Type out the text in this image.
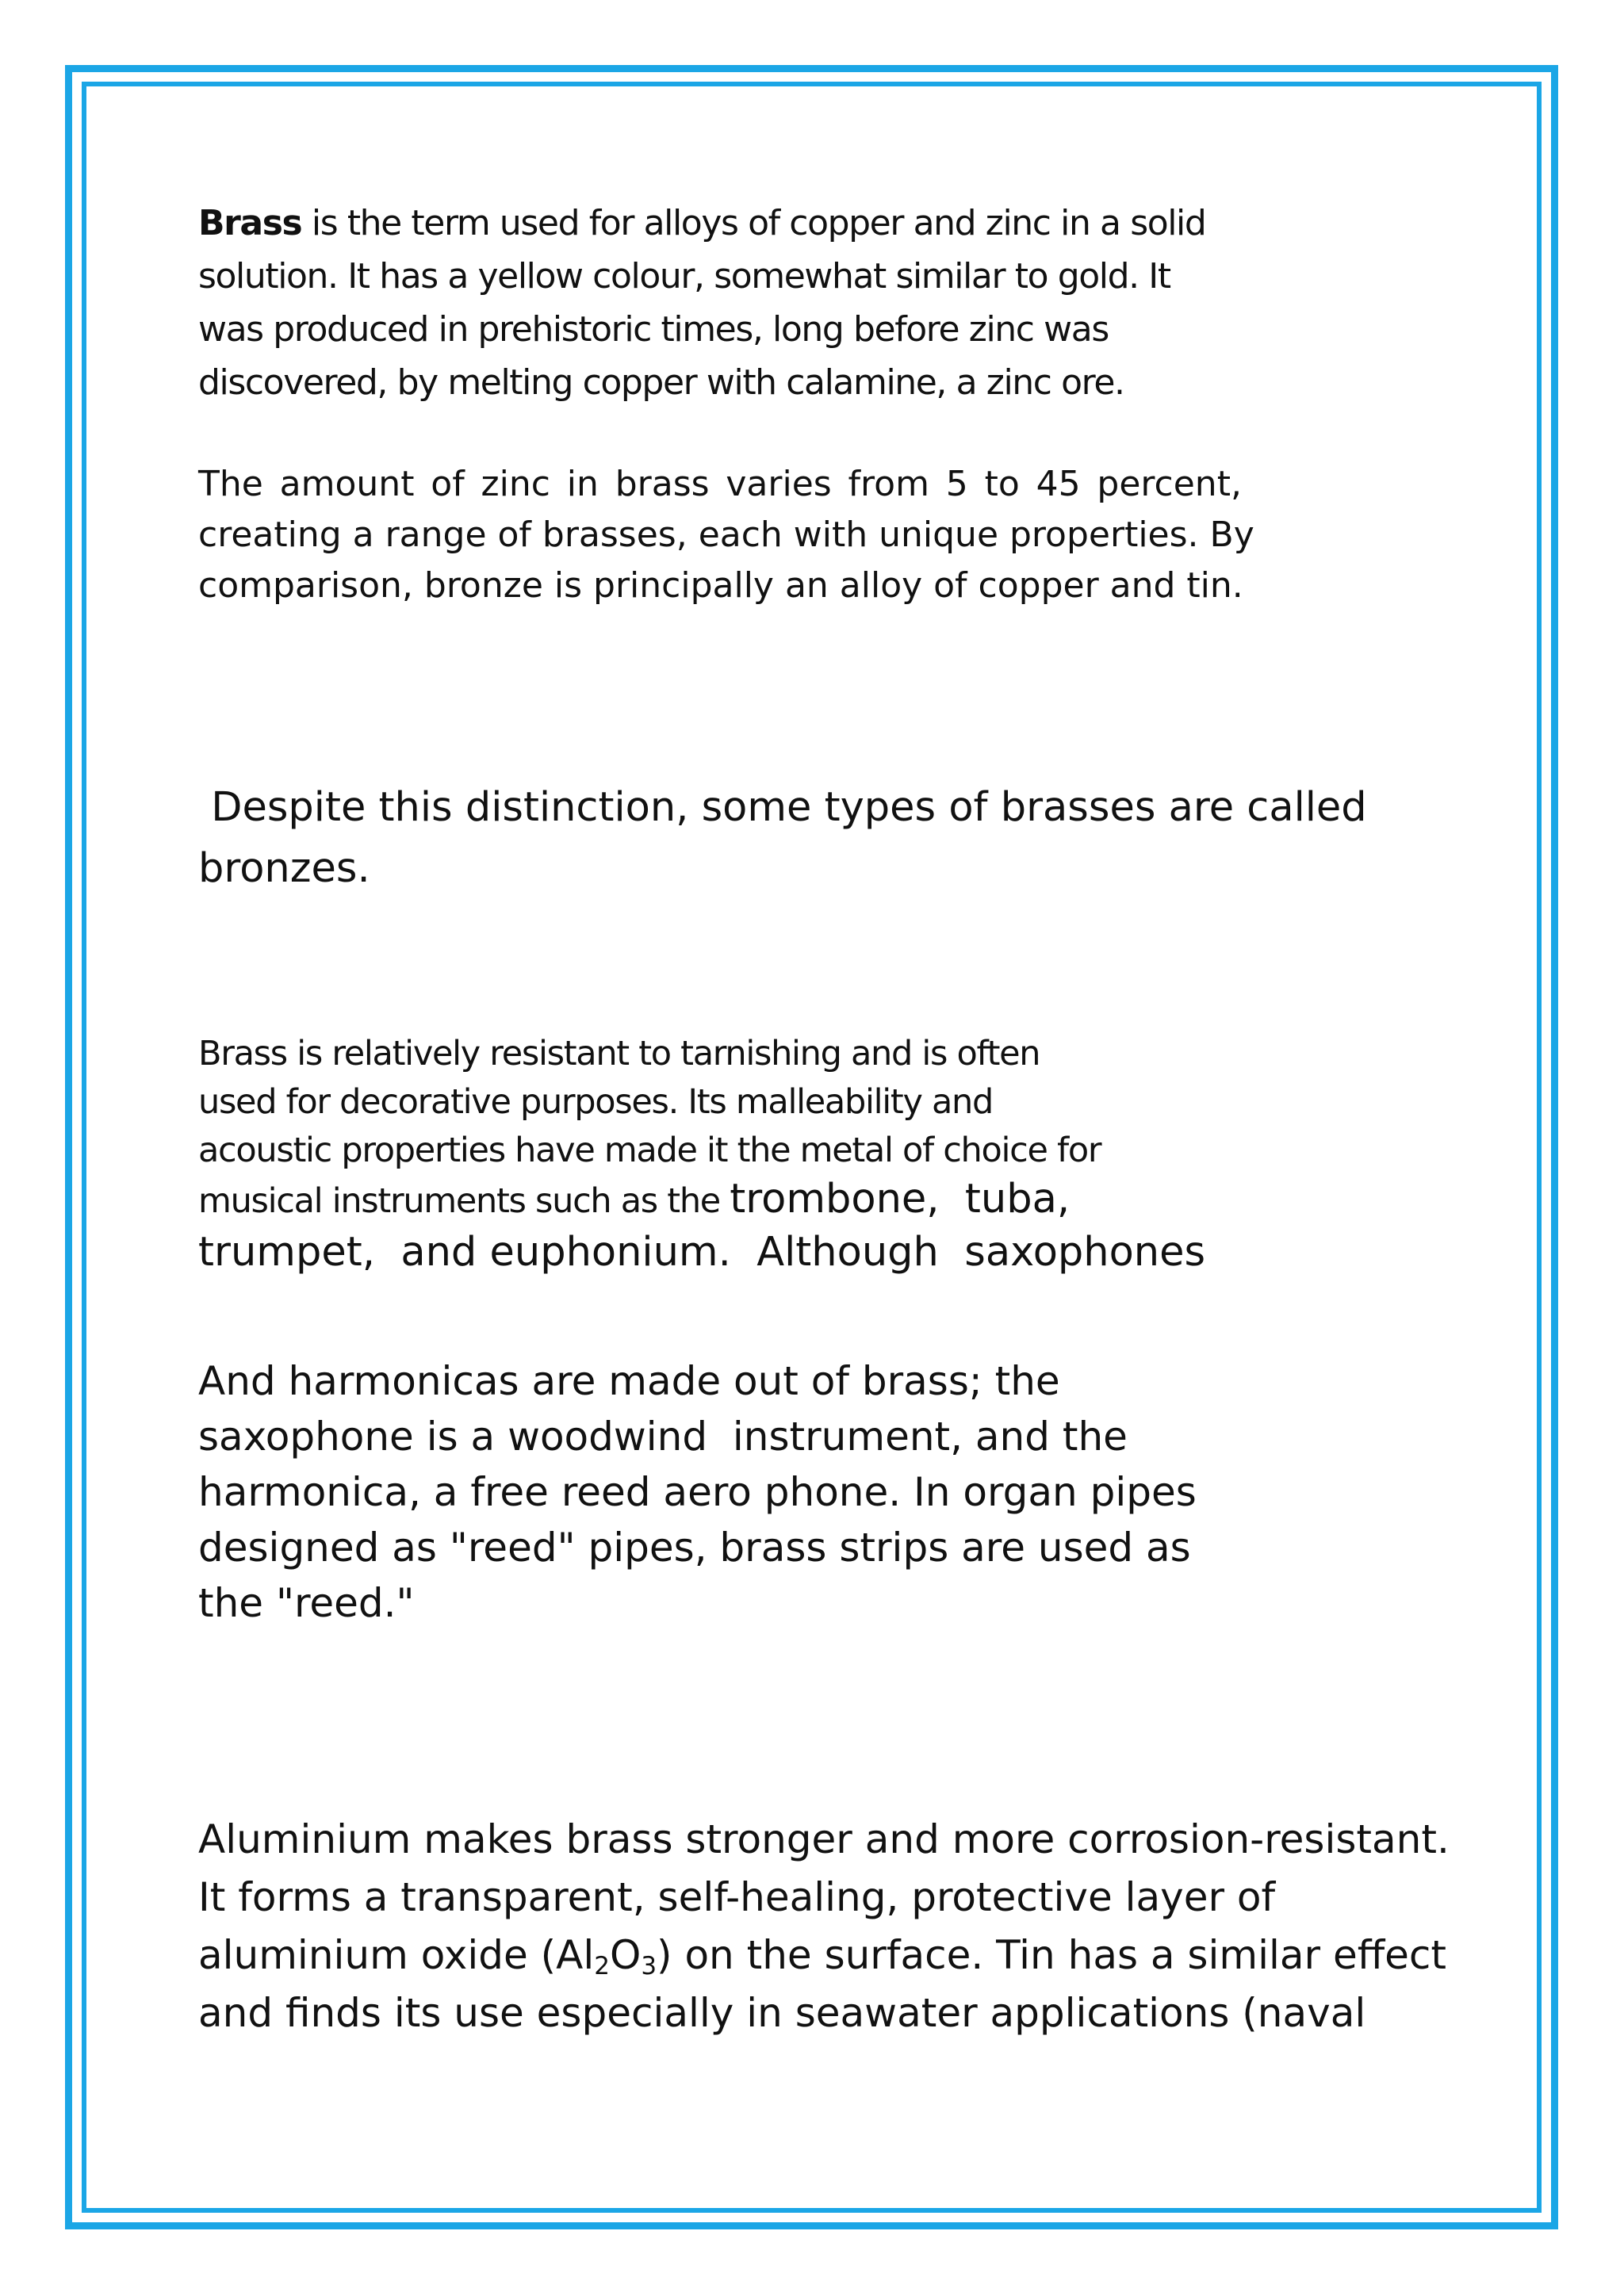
Brass is the term used for alloys of copper and zinc in a solid
solution. It has a yellow colour, somewhat similar to gold. It
was produced in prehistoric times, long before zinc was
discovered, by melting copper with calamine, a zinc ore.
The amount of zinc in brass varies from 5 to 45 percent,
creating a range of brasses, each with unique properties. By
comparison, bronze is principally an alloy of copper and tin.
Despite this distinction, some types of brasses are called
bronzes.
Brass is relatively resistant to tarnishing and is often
used for decorative purposes. Its malleability and
acoustic properties have made it the metal of choice for
musical instruments such as the trombone,  tuba,
trumpet,  and euphonium.  Although  saxophones
And harmonicas are made out of brass; the
saxophone is a woodwind  instrument, and the
harmonica, a free reed aero phone. In organ pipes
designed as "reed" pipes, brass strips are used as
the "reed."
Aluminium makes brass stronger and more corrosion-resistant.
It forms a transparent, self-healing, protective layer of
aluminium oxide $(Al_2O_3)$ on the surface. Tin has a similar effect
and finds its use especially in seawater applications (naval
